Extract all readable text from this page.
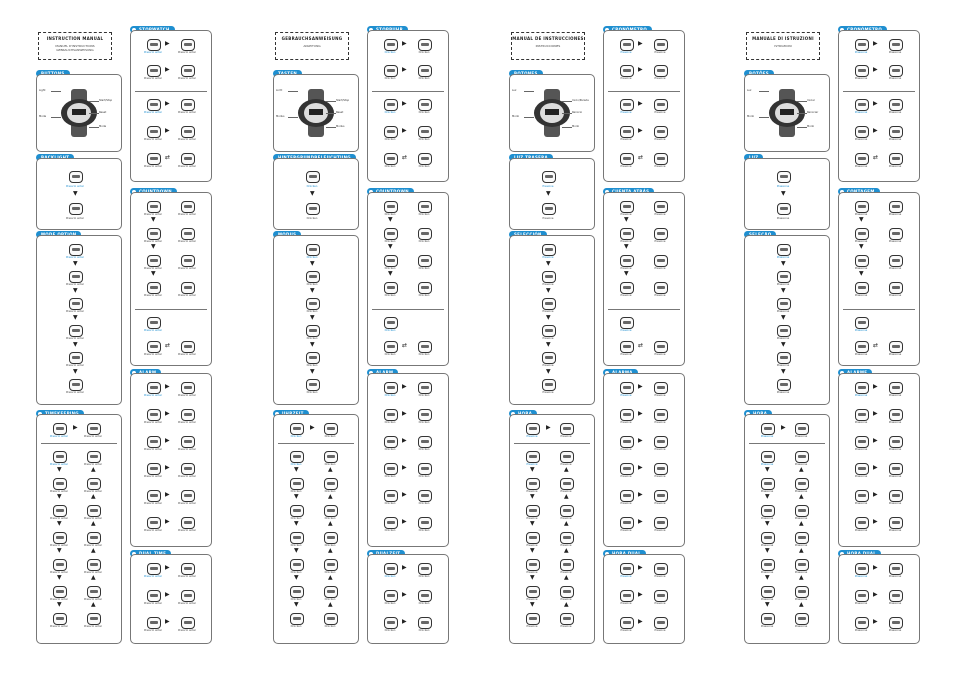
INSTRUCTION MANUAL
MANUEL D'INSTRUCTIONS
GEBRAUCHSANWEISUNG
Light
Mode
Start/Stop
Reset
Mode
Press to enter
▼
Press to enter
Press to enter
▼
Press to enter
▼
Press to enter
▼
Press to enter
▼
Press to enter
▼
Press to enter
▶
Press to enter	Press to enter
Press to enter	Press to enter
▼	▲
Press to enter	Press to enter
▼	▲
Press to enter	Press to enter
▼	▲
Press to enter	Press to enter
▼	▲
Press to enter	Press to enter
▼	▲
Press to enter	Press to enter
▼	▲
Press to enter	Press to enter
Press to enter	Press to enter
▶
Press to enter	Press to enter
▶
Press to enter	Press to enter
▶
Press to enter	Press to enter
▶
Press to enter	Press to enter
⇄
Press to enter	Press to enter
▼
Press to enter	Press to enter
▼
Press to enter	Press to enter
▼
Press to enter	Press to enter
Press to enter
⇄
Press to enter	Press to enter
Press to enter	Press to enter
▶
Press to enter	Press to enter
▶
Press to enter	Press to enter
▶
Press to enter	Press to enter
▶
Press to enter	Press to enter
▶
Press to enter	Press to enter
▶
Press to enter	Press to enter
▶
Press to enter	Press to enter
▶
Press to enter	Press to enter
▶
GEBRAUCHSANWEISUNG
ANLEITUNG
Licht
Modus
Start/Stop
Reset
Modus
Drücken
▼
Drücken
Drücken
▼
Drücken
▼
Drücken
▼
Drücken
▼
Drücken
▼
Drücken
▶
Drücken	Drücken
Drücken	Drücken
▼	▲
Drücken	Drücken
▼	▲
Drücken	Drücken
▼	▲
Drücken	Drücken
▼	▲
Drücken	Drücken
▼	▲
Drücken	Drücken
▼	▲
Drücken	Drücken
Drücken	Drücken
▶
Drücken	Drücken
▶
Drücken	Drücken
▶
Drücken	Drücken
▶
Drücken	Drücken
⇄
Drücken	Drücken
▼
Drücken	Drücken
▼
Drücken	Drücken
▼
Drücken	Drücken
Drücken
⇄
Drücken	Drücken
Drücken	Drücken
▶
Drücken	Drücken
▶
Drücken	Drücken
▶
Drücken	Drücken
▶
Drücken	Drücken
▶
Drücken	Drücken
▶
Drücken	Drücken
▶
Drücken	Drücken
▶
Drücken	Drücken
▶
MANUAL DE INSTRUCCIONES
INSTRUCCIONES
Luz
Modo
Inicio/Parada
Reinicio
Modo
Presione
▼
Presione
Presione
▼
Presione
▼
Presione
▼
Presione
▼
Presione
▼
Presione
▶
Presione	Presione
Presione	Presione
▼	▲
Presione	Presione
▼	▲
Presione	Presione
▼	▲
Presione	Presione
▼	▲
Presione	Presione
▼	▲
Presione	Presione
▼	▲
Presione	Presione
Presione	Presione
▶
Presione	Presione
▶
Presione	Presione
▶
Presione	Presione
▶
Presione	Presione
⇄
Presione	Presione
▼
Presione	Presione
▼
Presione	Presione
▼
Presione	Presione
Presione
⇄
Presione	Presione
Presione	Presione
▶
Presione	Presione
▶
Presione	Presione
▶
Presione	Presione
▶
Presione	Presione
▶
Presione	Presione
▶
Presione	Presione
▶
Presione	Presione
▶
Presione	Presione
▶
MANUALE DI ISTRUZIONI
ISTRUZIONI
Luz
Modo
Iniciar
Reiniciar
Modo
Pressione
▼
Pressione
Pressione
▼
Pressione
▼
Pressione
▼
Pressione
▼
Pressione
▼
Pressione
▶
Pressione	Pressione
Pressione	Pressione
▼	▲
Pressione	Pressione
▼	▲
Pressione	Pressione
▼	▲
Pressione	Pressione
▼	▲
Pressione	Pressione
▼	▲
Pressione	Pressione
▼	▲
Pressione	Pressione
Pressione	Pressione
▶
Pressione	Pressione
▶
Pressione	Pressione
▶
Pressione	Pressione
▶
Pressione	Pressione
⇄
Pressione	Pressione
▼
Pressione	Pressione
▼
Pressione	Pressione
▼
Pressione	Pressione
Pressione
⇄
Pressione	Pressione
Pressione	Pressione
▶
Pressione	Pressione
▶
Pressione	Pressione
▶
Pressione	Pressione
▶
Pressione	Pressione
▶
Pressione	Pressione
▶
Pressione	Pressione
▶
Pressione	Pressione
▶
Pressione	Pressione
▶
